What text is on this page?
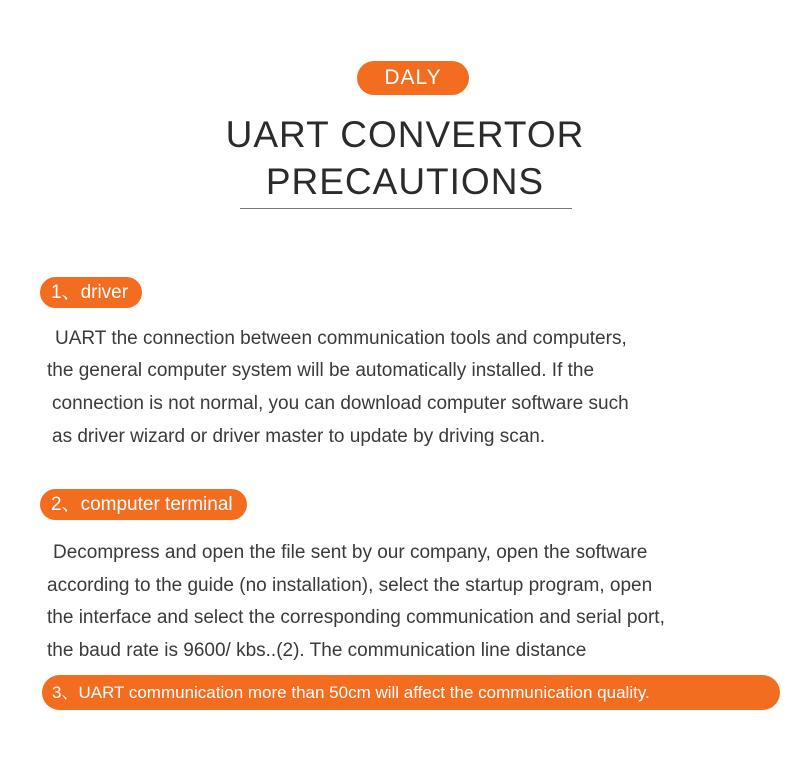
DALY
UART CONVERTOR
PRECAUTIONS
1、driver
UART the connection between communication tools and computers,
the general computer system will be automatically installed. If the
connection is not normal, you can download computer software such
as driver wizard or driver master to update by driving scan.
2、computer terminal
Decompress and open the file sent by our company, open the software
according to the guide (no installation), select the startup program, open
the interface and select the corresponding communication and serial port,
the baud rate is 9600/ kbs..(2). The communication line distance
3、UART communication more than 50cm will affect the communication quality.
